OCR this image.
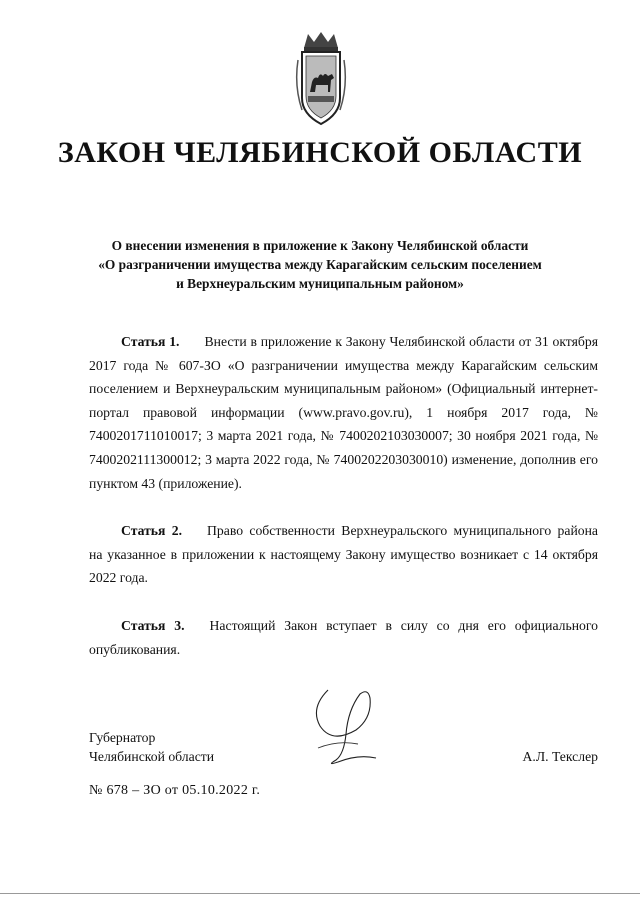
ЗАКОН ЧЕЛЯБИНСКОЙ ОБЛАСТИ
О внесении изменения в приложение к Закону Челябинской области
«О разграничении имущества между Карагайским сельским поселением
и Верхнеуральским муниципальным районом»

Статья 1. Внести в приложение к Закону Челябинской области от 31 октября 2017 года № 607-ЗО «О разграничении имущества между Карагайским сельским поселением и Верхнеуральским муниципальным районом» (Официальный интернет-портал правовой информации (www.pravo.gov.ru), 1 ноября 2017 года, № 7400201711010017; 3 марта 2021 года, № 7400202103030007; 30 ноября 2021 года, № 7400202111300012; 3 марта 2022 года, № 7400202203030010) изменение, дополнив его пунктом 43 (приложение).

Статья 2. Право собственности Верхнеуральского муниципального района на указанное в приложении к настоящему Закону имущество возникает с 14 октября 2022 года.

Статья 3. Настоящий Закон вступает в силу со дня его официального опубликования.

Губернатор
Челябинской области	А.Л. Текслер
№ 678 – ЗО от 05.10.2022 г.
